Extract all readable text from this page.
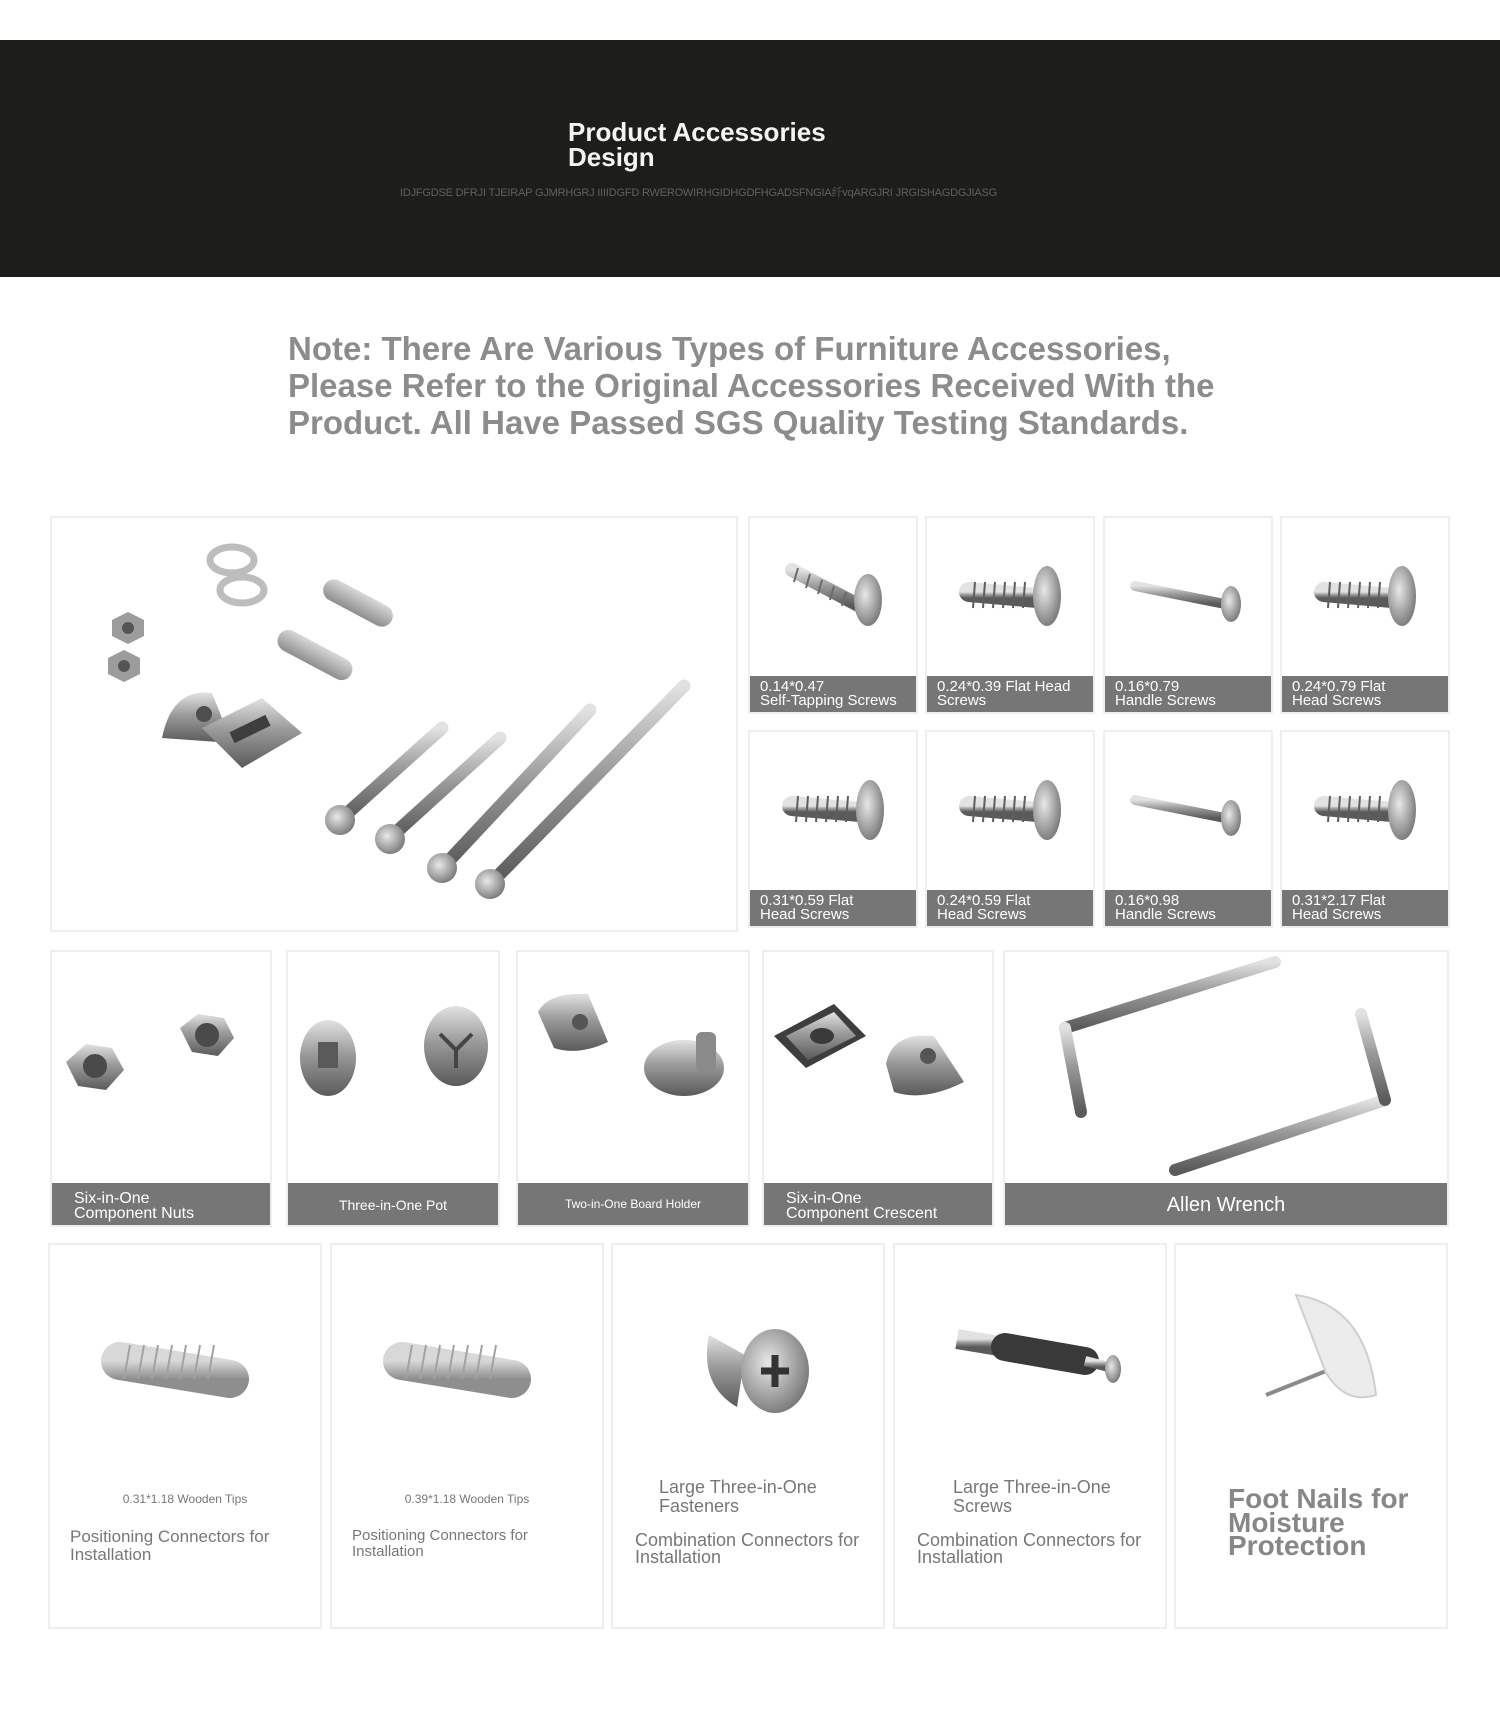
Product Accessories Design
IDJFGDSE DFRJI TJEIRAP GJMRHGRJ IIIIDGFD RWEROWIRHGIDHGDFHGADSFNGIA纤vqARGJRI JRGISHAGDGJIASG
Note: There Are Various Types of Furniture Accessories, Please Refer to the Original Accessories Received With the Product. All Have Passed SGS Quality Testing Standards.
0.14*0.47
Self-Tapping Screws
0.24*0.39 Flat Head
Screws
0.16*0.79
Handle Screws
0.24*0.79 Flat
Head Screws
0.31*0.59 Flat
Head Screws
0.24*0.59 Flat
Head Screws
0.16*0.98
Handle Screws
0.31*2.17 Flat
Head Screws
Six-in-One
Component Nuts	Three-in-One Pot	Two-in-One Board Holder	Six-in-One
Component Crescent	Allen Wrench
0.31*1.18 Wooden Tips
Positioning Connectors for Installation
0.39*1.18 Wooden Tips
Positioning Connectors for Installation
Large Three-in-One Fasteners
Combination Connectors for Installation
Large Three-in-One Screws
Combination Connectors for Installation
Foot Nails for Moisture Protection
